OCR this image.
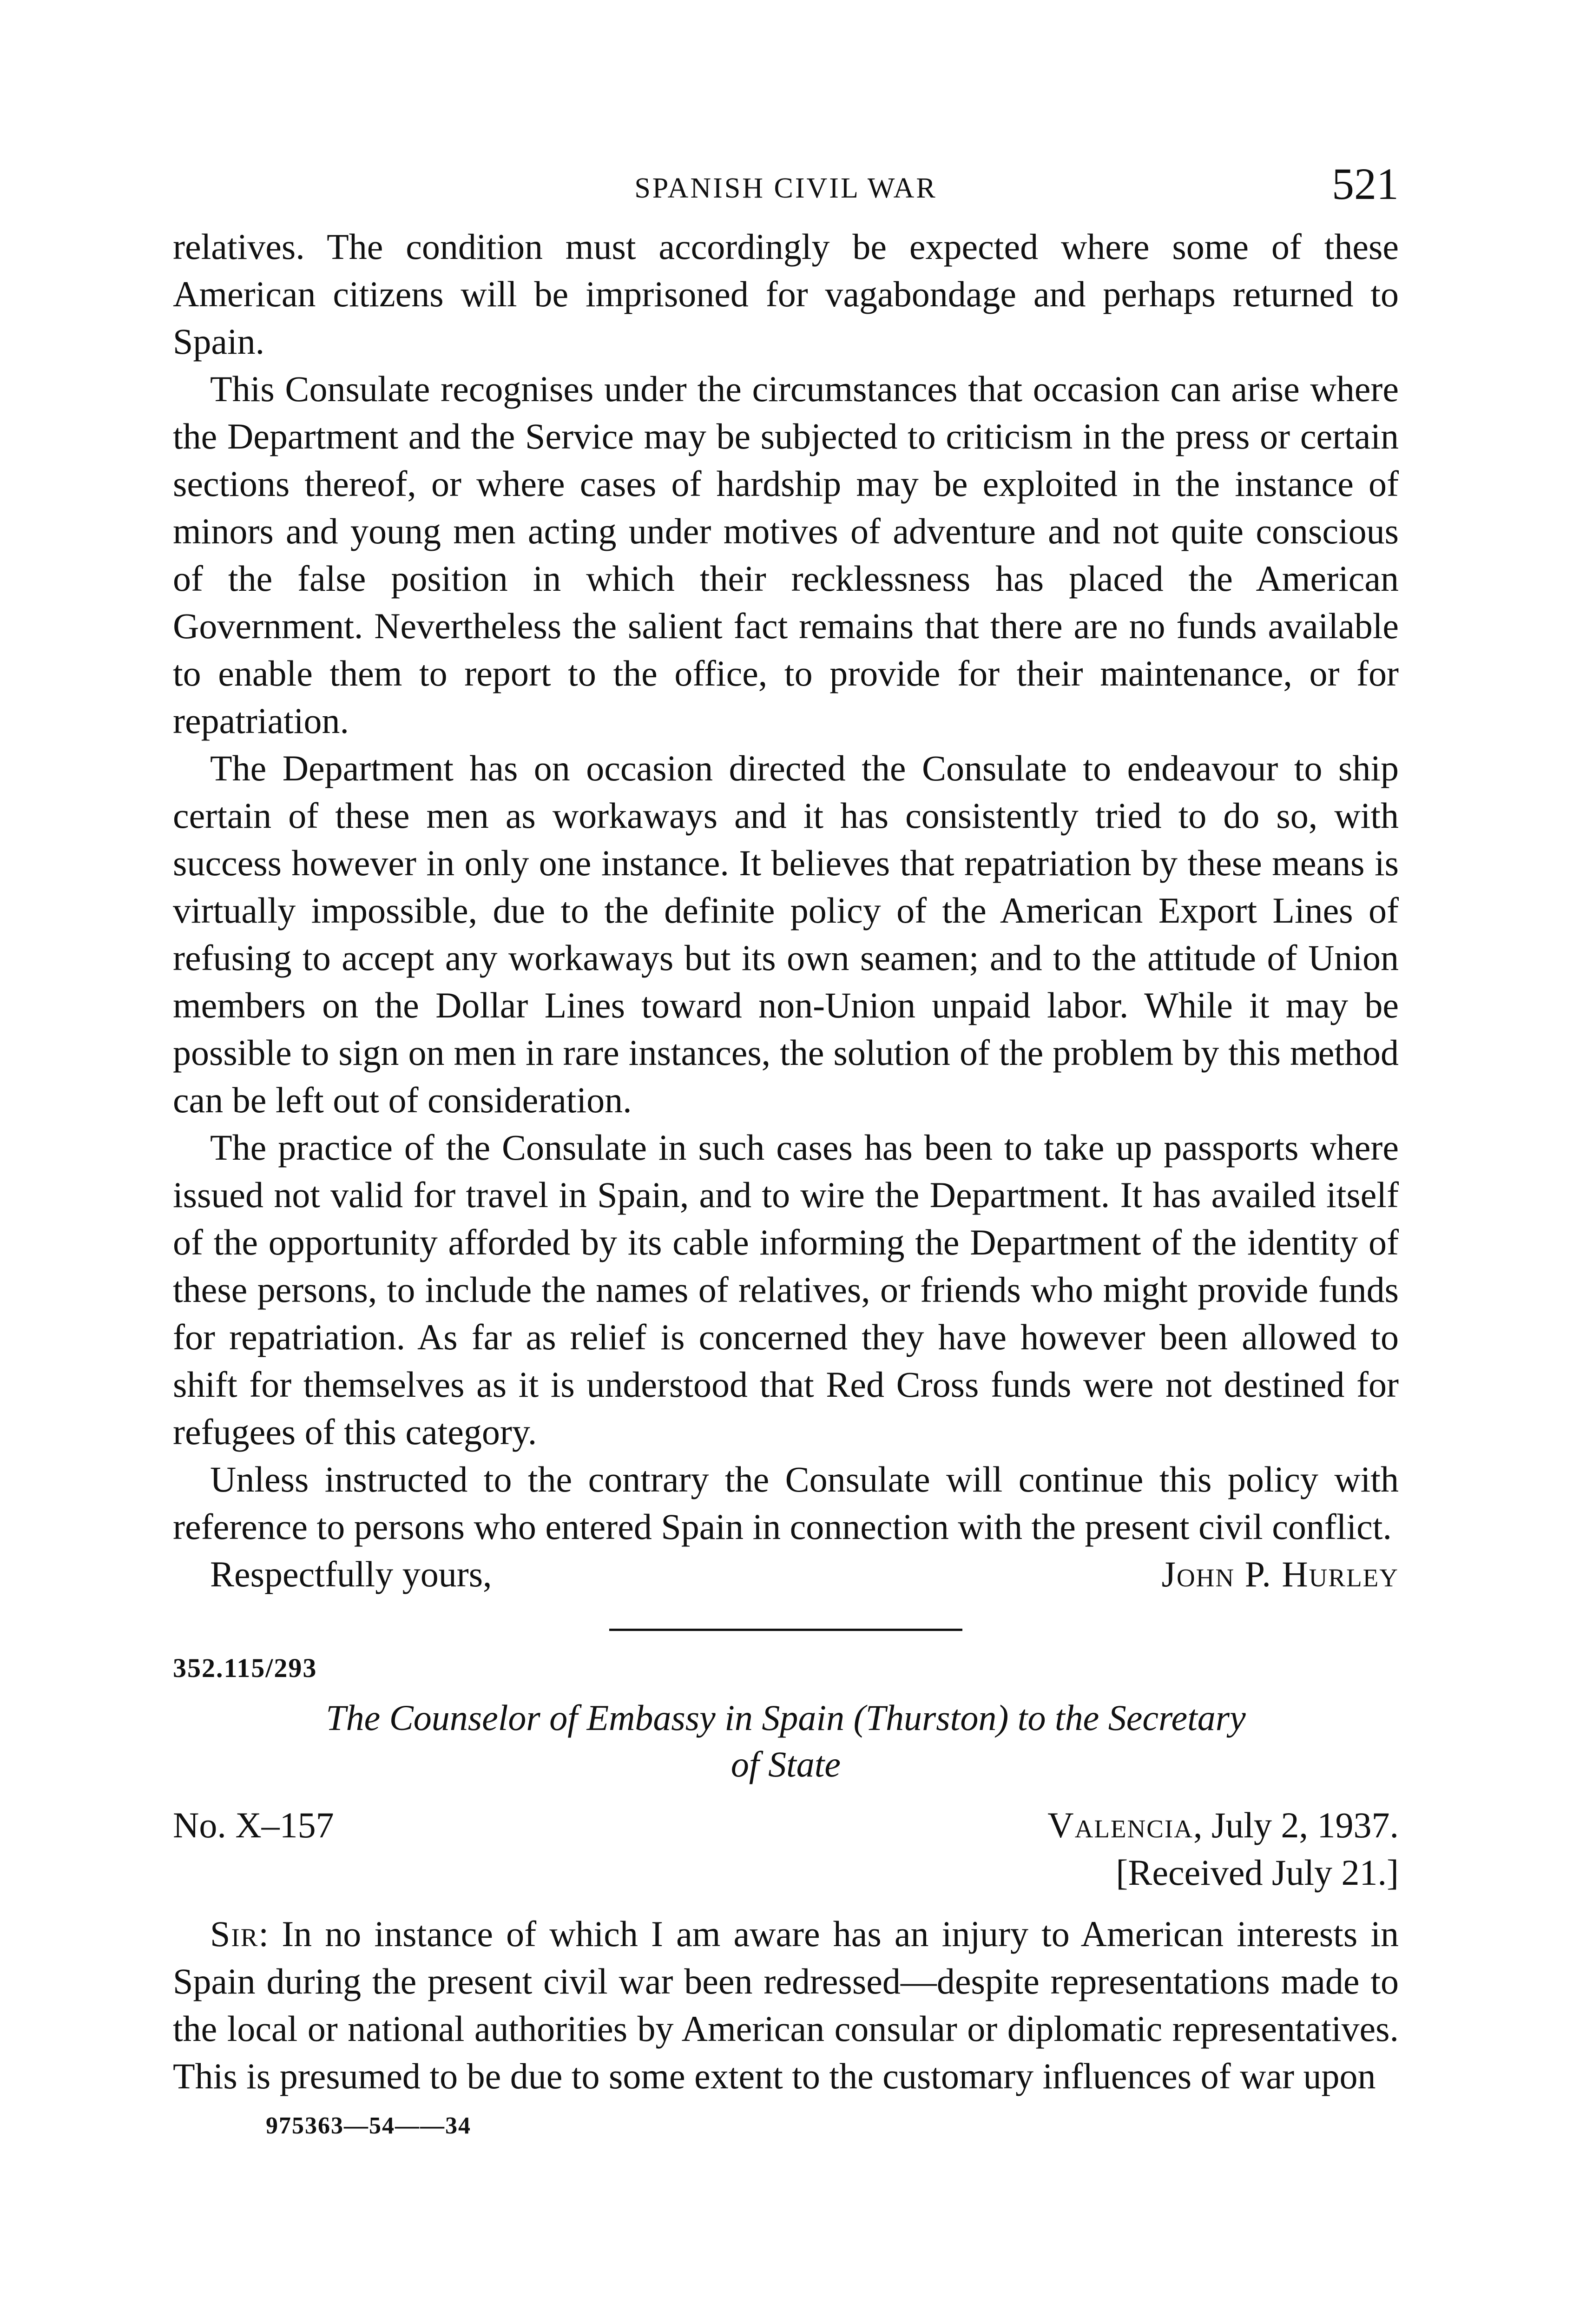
SPANISH CIVIL WAR	521

relatives. The condition must accordingly be expected where some of these American citizens will be imprisoned for vagabondage and perhaps returned to Spain.

This Consulate recognises under the circumstances that occasion can arise where the Department and the Service may be subjected to criticism in the press or certain sections thereof, or where cases of hardship may be exploited in the instance of minors and young men acting under motives of adventure and not quite conscious of the false position in which their recklessness has placed the American Government. Nevertheless the salient fact remains that there are no funds available to enable them to report to the office, to provide for their maintenance, or for repatriation.

The Department has on occasion directed the Consulate to endeavour to ship certain of these men as workaways and it has consistently tried to do so, with success however in only one instance. It believes that repatriation by these means is virtually impossible, due to the definite policy of the American Export Lines of refusing to accept any workaways but its own seamen; and to the attitude of Union members on the Dollar Lines toward non-Union unpaid labor. While it may be possible to sign on men in rare instances, the solution of the problem by this method can be left out of consideration.

The practice of the Consulate in such cases has been to take up passports where issued not valid for travel in Spain, and to wire the Department. It has availed itself of the opportunity afforded by its cable informing the Department of the identity of these persons, to include the names of relatives, or friends who might provide funds for repatriation. As far as relief is concerned they have however been allowed to shift for themselves as it is understood that Red Cross funds were not destined for refugees of this category.

Unless instructed to the contrary the Consulate will continue this policy with reference to persons who entered Spain in connection with the present civil conflict.

Respectfully yours,	John P. Hurley
352.115/293
The Counselor of Embassy in Spain (Thurston) to the Secretary
of State
No. X–157	Valencia, July 2, 1937.
[Received July 21.]

Sir: In no instance of which I am aware has an injury to American interests in Spain during the present civil war been redressed—despite representations made to the local or national authorities by American consular or diplomatic representatives. This is presumed to be due to some extent to the customary influences of war upon

975363—54——34
